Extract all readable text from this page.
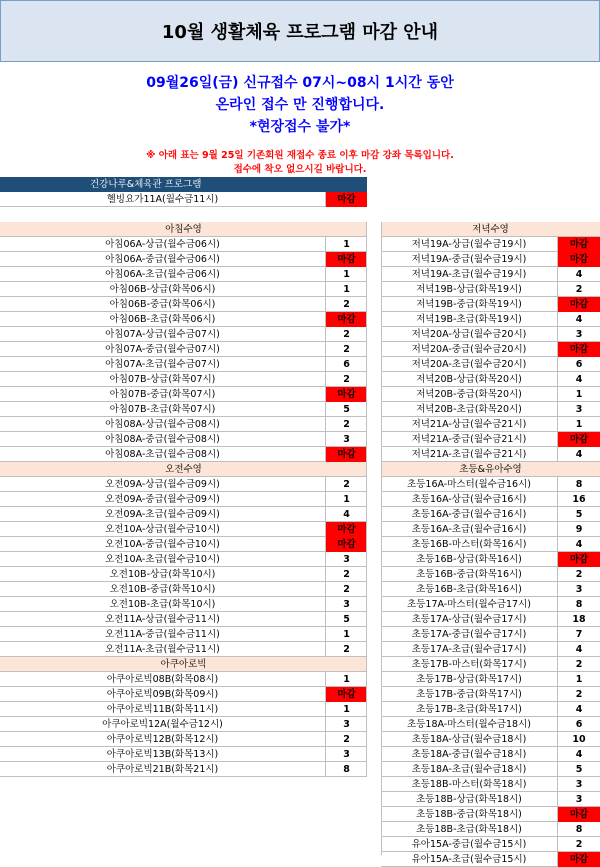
10월 생활체육 프로그램 마감 안내
09월26일(금) 신규접수 07시~08시 1시간 동안
온라인 접수 만 진행합니다.
*현장접수 불가*
※ 아래 표는 9월 25일 기존회원 재접수 종료 이후 마감 강좌 목록입니다.
접수에 착오 없으시길 바랍니다.
건강나루&체육관 프로그램
헬빙요가11A(월수금11시)	마감
아침수영
아침06A-상급(월수금06시)	1
아침06A-중급(월수금06시)	마감
아침06A-초급(월수금06시)	1
아침06B-상급(화목06시)	1
아침06B-중급(화목06시)	2
아침06B-초급(화목06시)	마감
아침07A-상급(월수금07시)	2
아침07A-중급(월수금07시)	2
아침07A-초급(월수금07시)	6
아침07B-상급(화목07시)	2
아침07B-중급(화목07시)	마감
아침07B-초급(화목07시)	5
아침08A-상급(월수금08시)	2
아침08A-중급(월수금08시)	3
아침08A-초급(월수금08시)	마감
오전수영
오전09A-상급(월수금09시)	2
오전09A-중급(월수금09시)	1
오전09A-초급(월수금09시)	4
오전10A-상급(월수금10시)	마감
오전10A-중급(월수금10시)	마감
오전10A-초급(월수금10시)	3
오전10B-상급(화목10시)	2
오전10B-중급(화목10시)	2
오전10B-초급(화목10시)	3
오전11A-상급(월수금11시)	5
오전11A-중급(월수금11시)	1
오전11A-초급(월수금11시)	2
아쿠아로빅
아쿠아로빅08B(화목08시)	1
아쿠아로빅09B(화목09시)	마감
아쿠아로빅11B(화목11시)	1
아쿠아로빅12A(월수금12시)	3
아쿠아로빅12B(화목12시)	2
아쿠아로빅13B(화목13시)	3
아쿠아로빅21B(화목21시)	8
저녁수영
저녁19A-상급(월수금19시)	마감
저녁19A-중급(월수금19시)	마감
저녁19A-초급(월수금19시)	4
저녁19B-상급(화목19시)	2
저녁19B-중급(화목19시)	마감
저녁19B-초급(화목19시)	4
저녁20A-상급(월수금20시)	3
저녁20A-중급(월수금20시)	마감
저녁20A-초급(월수금20시)	6
저녁20B-상급(화목20시)	4
저녁20B-중급(화목20시)	1
저녁20B-초급(화목20시)	3
저녁21A-상급(월수금21시)	1
저녁21A-중급(월수금21시)	마감
저녁21A-초급(월수금21시)	4
초등&유아수영
초등16A-마스터(월수금16시)	8
초등16A-상급(월수금16시)	16
초등16A-중급(월수금16시)	5
초등16A-초급(월수금16시)	9
초등16B-마스터(화목16시)	4
초등16B-상급(화목16시)	마감
초등16B-중급(화목16시)	2
초등16B-초급(화목16시)	3
초등17A-마스터(월수금17시)	8
초등17A-상급(월수금17시)	18
초등17A-중급(월수금17시)	7
초등17A-초급(월수금17시)	4
초등17B-마스터(화목17시)	2
초등17B-상급(화목17시)	1
초등17B-중급(화목17시)	2
초등17B-초급(화목17시)	4
초등18A-마스터(월수금18시)	6
초등18A-상급(월수금18시)	10
초등18A-중급(월수금18시)	4
초등18A-초급(월수금18시)	5
초등18B-마스터(화목18시)	3
초등18B-상급(화목18시)	3
초등18B-중급(화목18시)	마감
초등18B-초급(화목18시)	8
유아15A-중급(월수금15시)	2
유아15A-초급(월수금15시)	마감
